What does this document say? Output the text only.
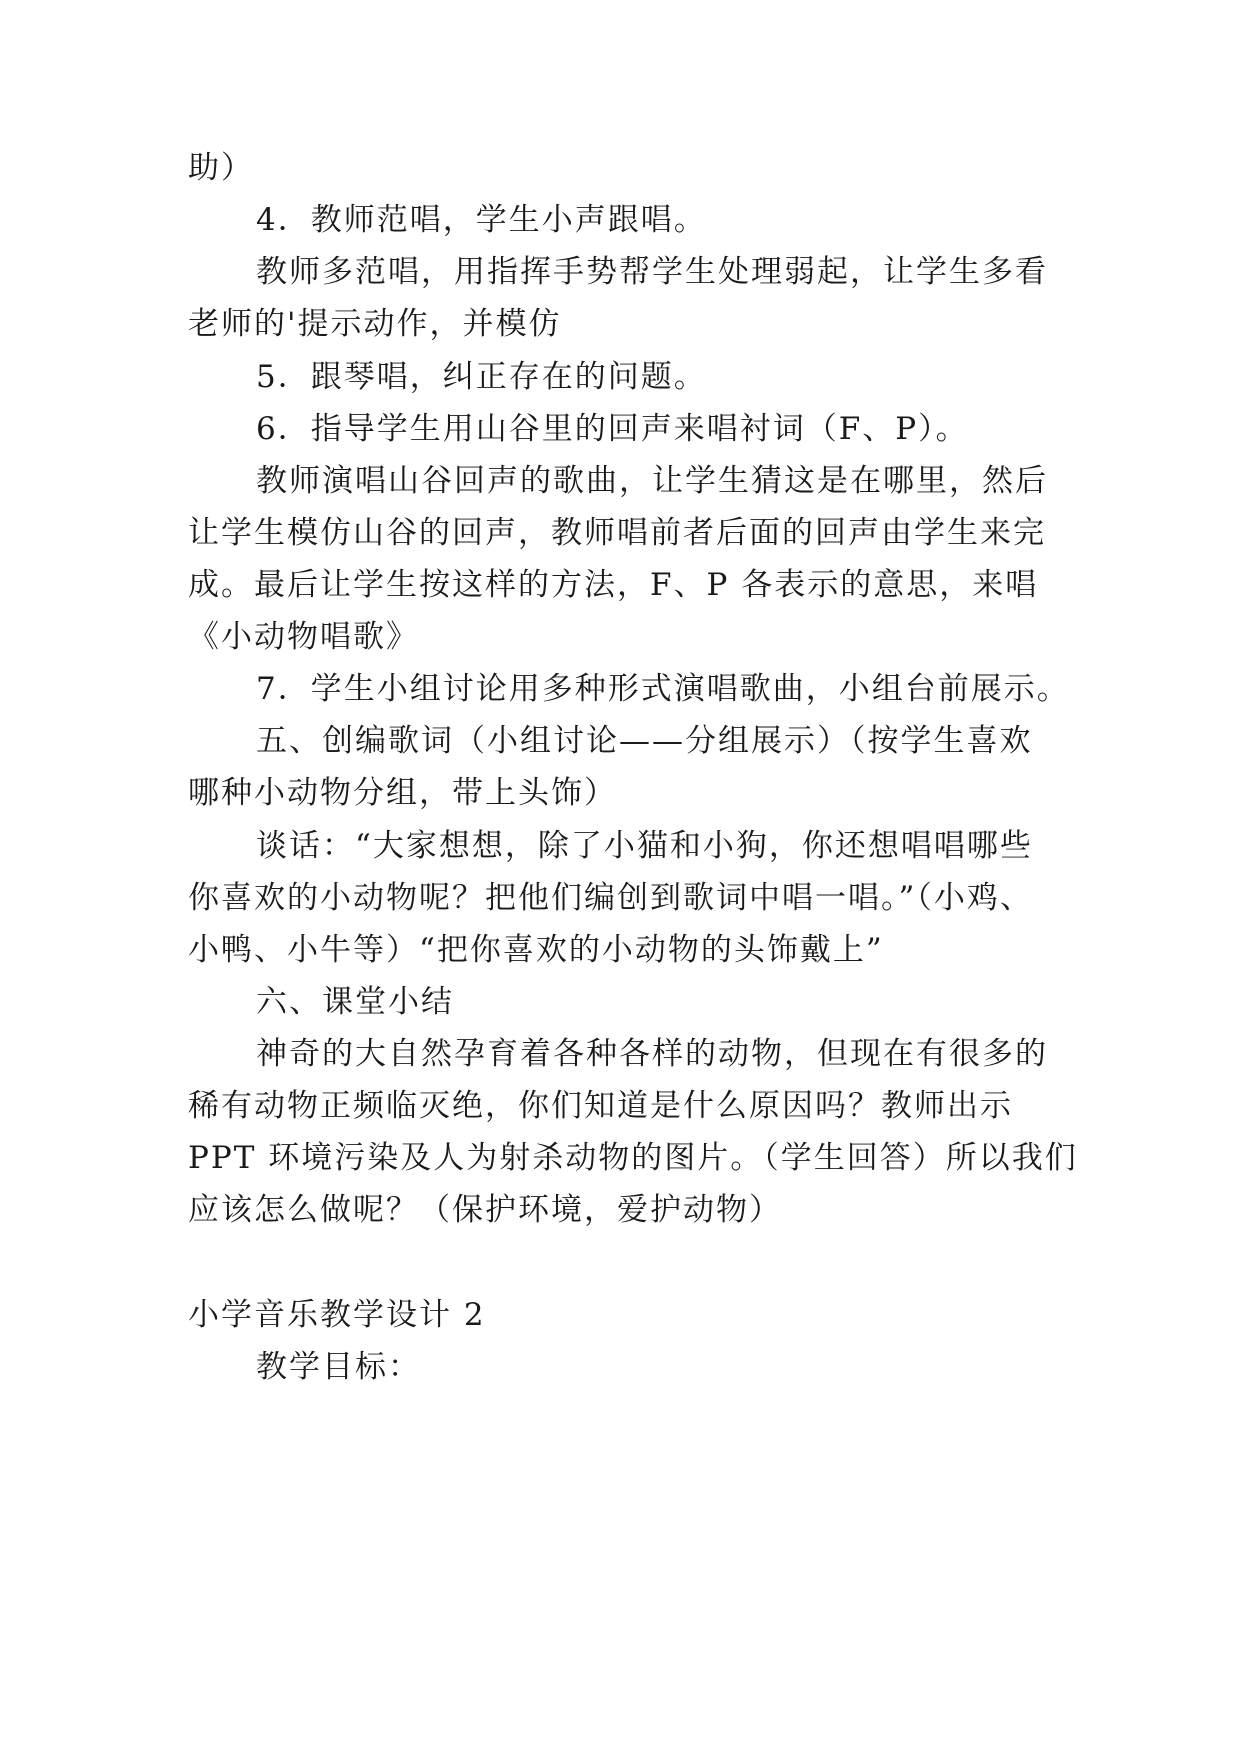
助）
4．教师范唱，学生小声跟唱。
教师多范唱，用指挥手势帮学生处理弱起，让学生多看
老师的'提示动作，并模仿
5．跟琴唱，纠正存在的问题。
6．指导学生用山谷里的回声来唱衬词（F、P）。
教师演唱山谷回声的歌曲，让学生猜这是在哪里，然后
让学生模仿山谷的回声，教师唱前者后面的回声由学生来完
成。最后让学生按这样的方法，F、P 各表示的意思，来唱
《小动物唱歌》
7．学生小组讨论用多种形式演唱歌曲，小组台前展示。
五、创编歌词（小组讨论——分组展示）（按学生喜欢
哪种小动物分组，带上头饰）
谈话：“大家想想，除了小猫和小狗，你还想唱唱哪些
你喜欢的小动物呢？把他们编创到歌词中唱一唱。”（小鸡、
小鸭、小牛等）“把你喜欢的小动物的头饰戴上”
六、课堂小结
神奇的大自然孕育着各种各样的动物，但现在有很多的
稀有动物正频临灭绝，你们知道是什么原因吗？教师出示
PPT 环境污染及人为射杀动物的图片。（学生回答）所以我们
应该怎么做呢？（保护环境，爱护动物）
小学音乐教学设计 2
教学目标：
